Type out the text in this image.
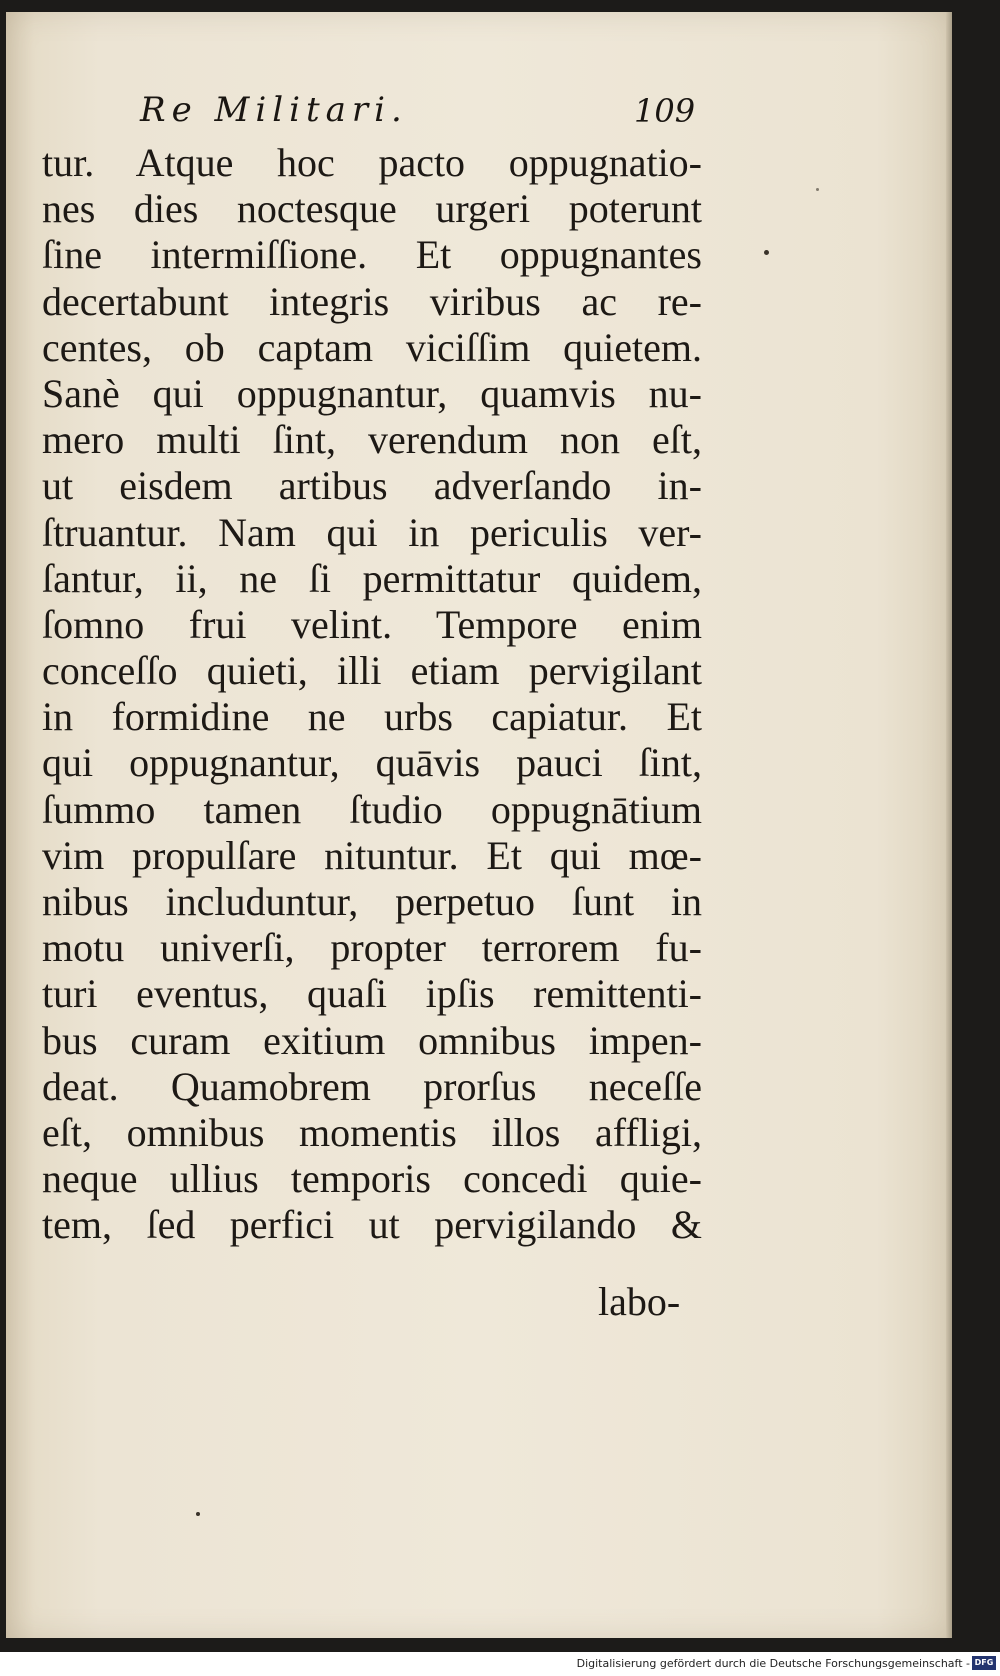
Re Militari.	109
tur. Atque hoc pacto oppugnatio-
nes dies noctesque urgeri poterunt
ſine intermiſſione. Et oppugnantes
decertabunt integris viribus ac re-
centes, ob captam viciſſim quietem.
Sanè qui oppugnantur, quamvis nu-
mero multi ſint, verendum non eſt,
ut eisdem artibus adverſando in-
ſtruantur. Nam qui in periculis ver-
ſantur, ii, ne ſi permittatur quidem,
ſomno frui velint. Tempore enim
conceſſo quieti, illi etiam pervigilant
in formidine ne urbs capiatur. Et
qui oppugnantur, quāvis pauci ſint,
ſummo tamen ſtudio oppugnātium
vim propulſare nituntur. Et qui mœ-
nibus includuntur, perpetuo ſunt in
motu univerſi, propter terrorem fu-
turi eventus, quaſi ipſis remittenti-
bus curam exitium omnibus impen-
deat. Quamobrem prorſus neceſſe
eſt, omnibus momentis illos affligi,
neque ullius temporis concedi quie-
tem, ſed perfici ut pervigilando &
labo-
Digitalisierung gefördert durch die Deutsche Forschungsgemeinschaft - DFG
